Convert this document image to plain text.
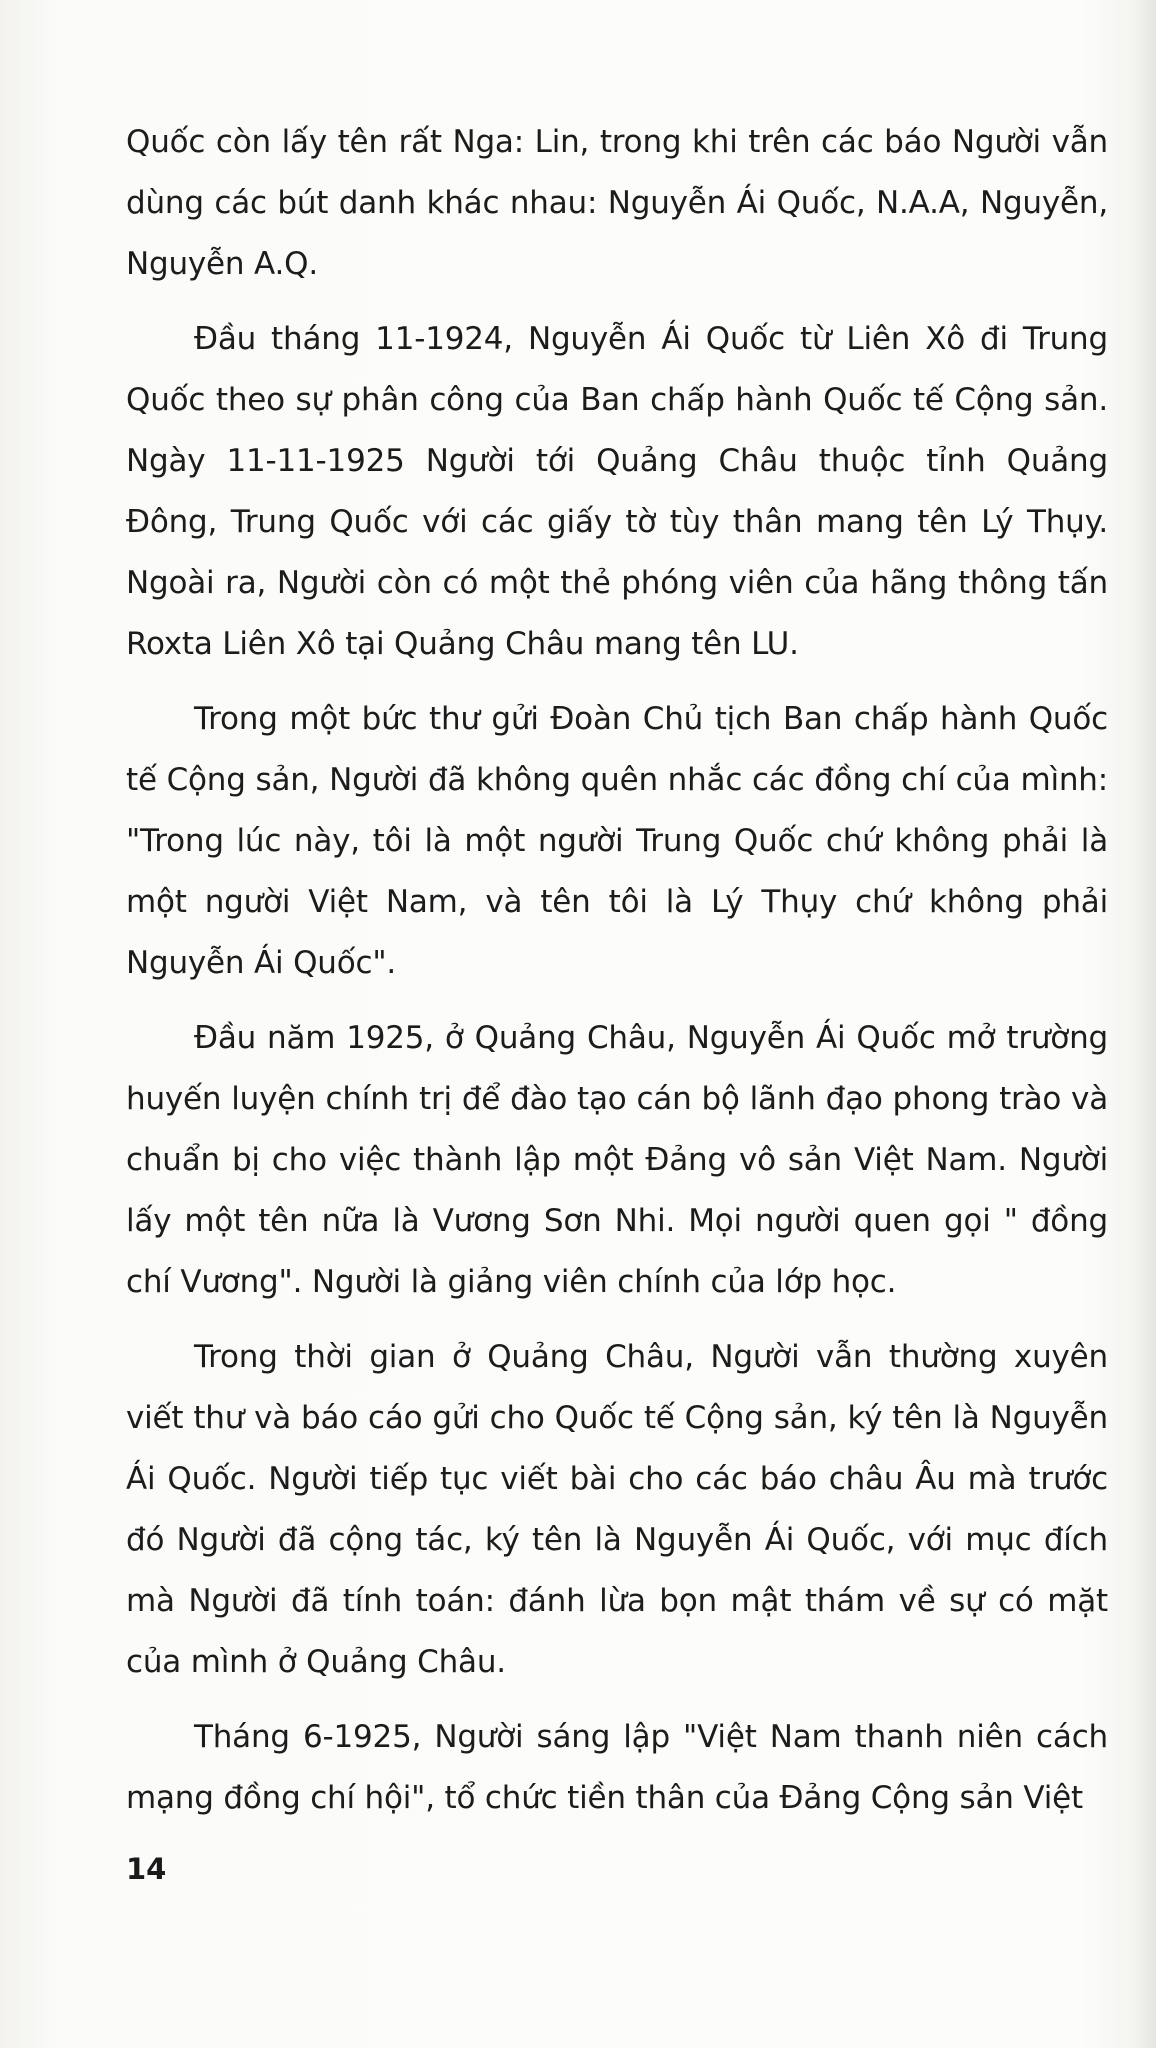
Quốc còn lấy tên rất Nga: Lin, trong khi trên các báo Người vẫn dùng các bút danh khác nhau: Nguyễn Ái Quốc, N.A.A, Nguyễn, Nguyễn A.Q.

Đầu tháng 11-1924, Nguyễn Ái Quốc từ Liên Xô đi Trung Quốc theo sự phân công của Ban chấp hành Quốc tế Cộng sản. Ngày 11-11-1925 Người tới Quảng Châu thuộc tỉnh Quảng Đông, Trung Quốc với các giấy tờ tùy thân mang tên Lý Thụy. Ngoài ra, Người còn có một thẻ phóng viên của hãng thông tấn Roxta Liên Xô tại Quảng Châu mang tên LU.

Trong một bức thư gửi Đoàn Chủ tịch Ban chấp hành Quốc tế Cộng sản, Người đã không quên nhắc các đồng chí của mình: "Trong lúc này, tôi là một người Trung Quốc chứ không phải là một người Việt Nam, và tên tôi là Lý Thụy chứ không phải Nguyễn Ái Quốc".

Đầu năm 1925, ở Quảng Châu, Nguyễn Ái Quốc mở trường huyến luyện chính trị để đào tạo cán bộ lãnh đạo phong trào và chuẩn bị cho việc thành lập một Đảng vô sản Việt Nam. Người lấy một tên nữa là Vương Sơn Nhi. Mọi người quen gọi " đồng chí Vương". Người là giảng viên chính của lớp học.

Trong thời gian ở Quảng Châu, Người vẫn thường xuyên viết thư và báo cáo gửi cho Quốc tế Cộng sản, ký tên là Nguyễn Ái Quốc. Người tiếp tục viết bài cho các báo châu Âu mà trước đó Người đã cộng tác, ký tên là Nguyễn Ái Quốc, với mục đích mà Người đã tính toán: đánh lừa bọn mật thám về sự có mặt của mình ở Quảng Châu.

Tháng 6-1925, Người sáng lập "Việt Nam thanh niên cách mạng đồng chí hội", tổ chức tiền thân của Đảng Cộng sản Việt

14
